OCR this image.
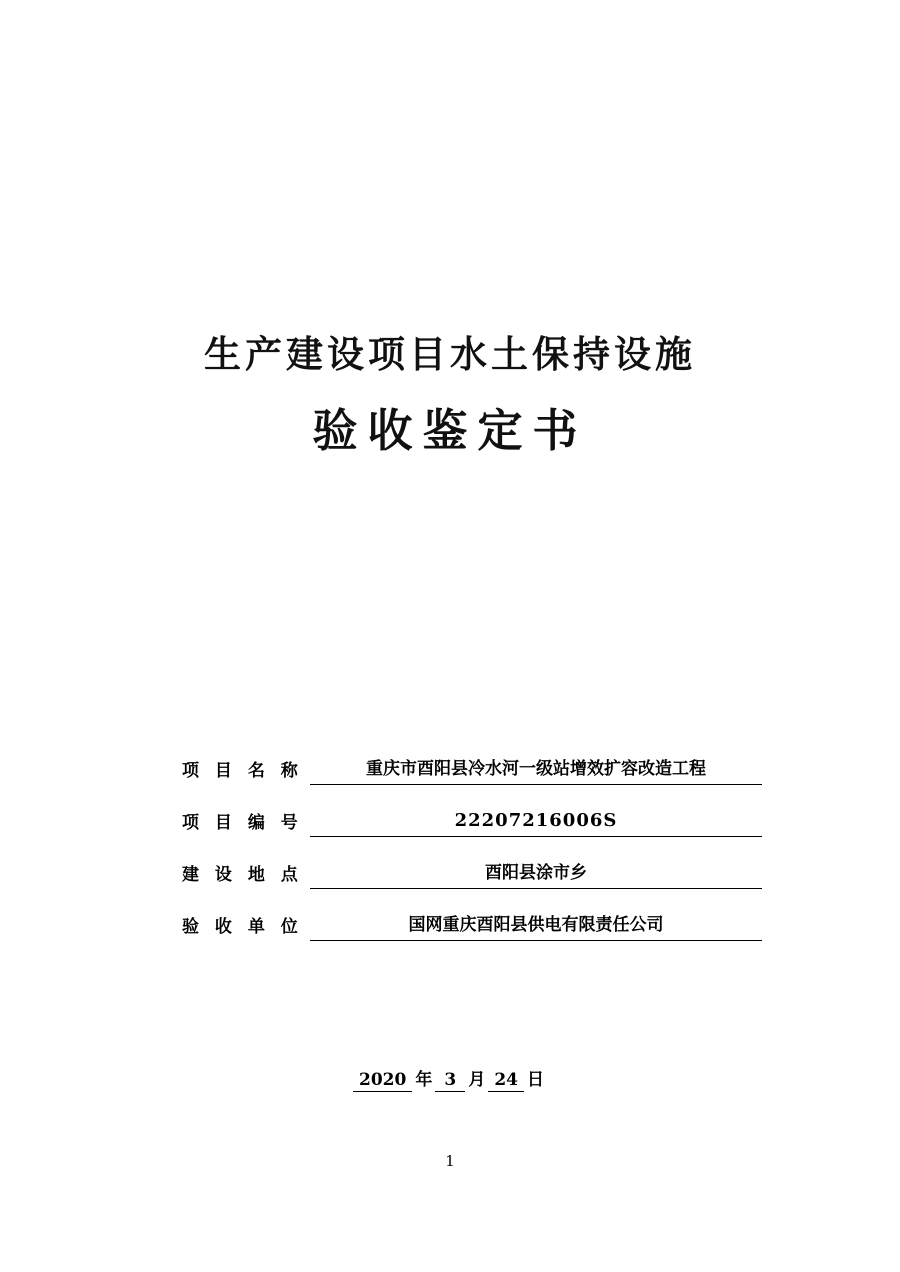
生产建设项目水土保持设施
验收鉴定书
项 目 名 称	重庆市酉阳县冷水河一级站增效扩容改造工程
项 目 编 号	22207216006S
建 设 地 点	酉阳县涂市乡
验 收 单 位	国网重庆酉阳县供电有限责任公司
2020 年 3 月 24 日
1
